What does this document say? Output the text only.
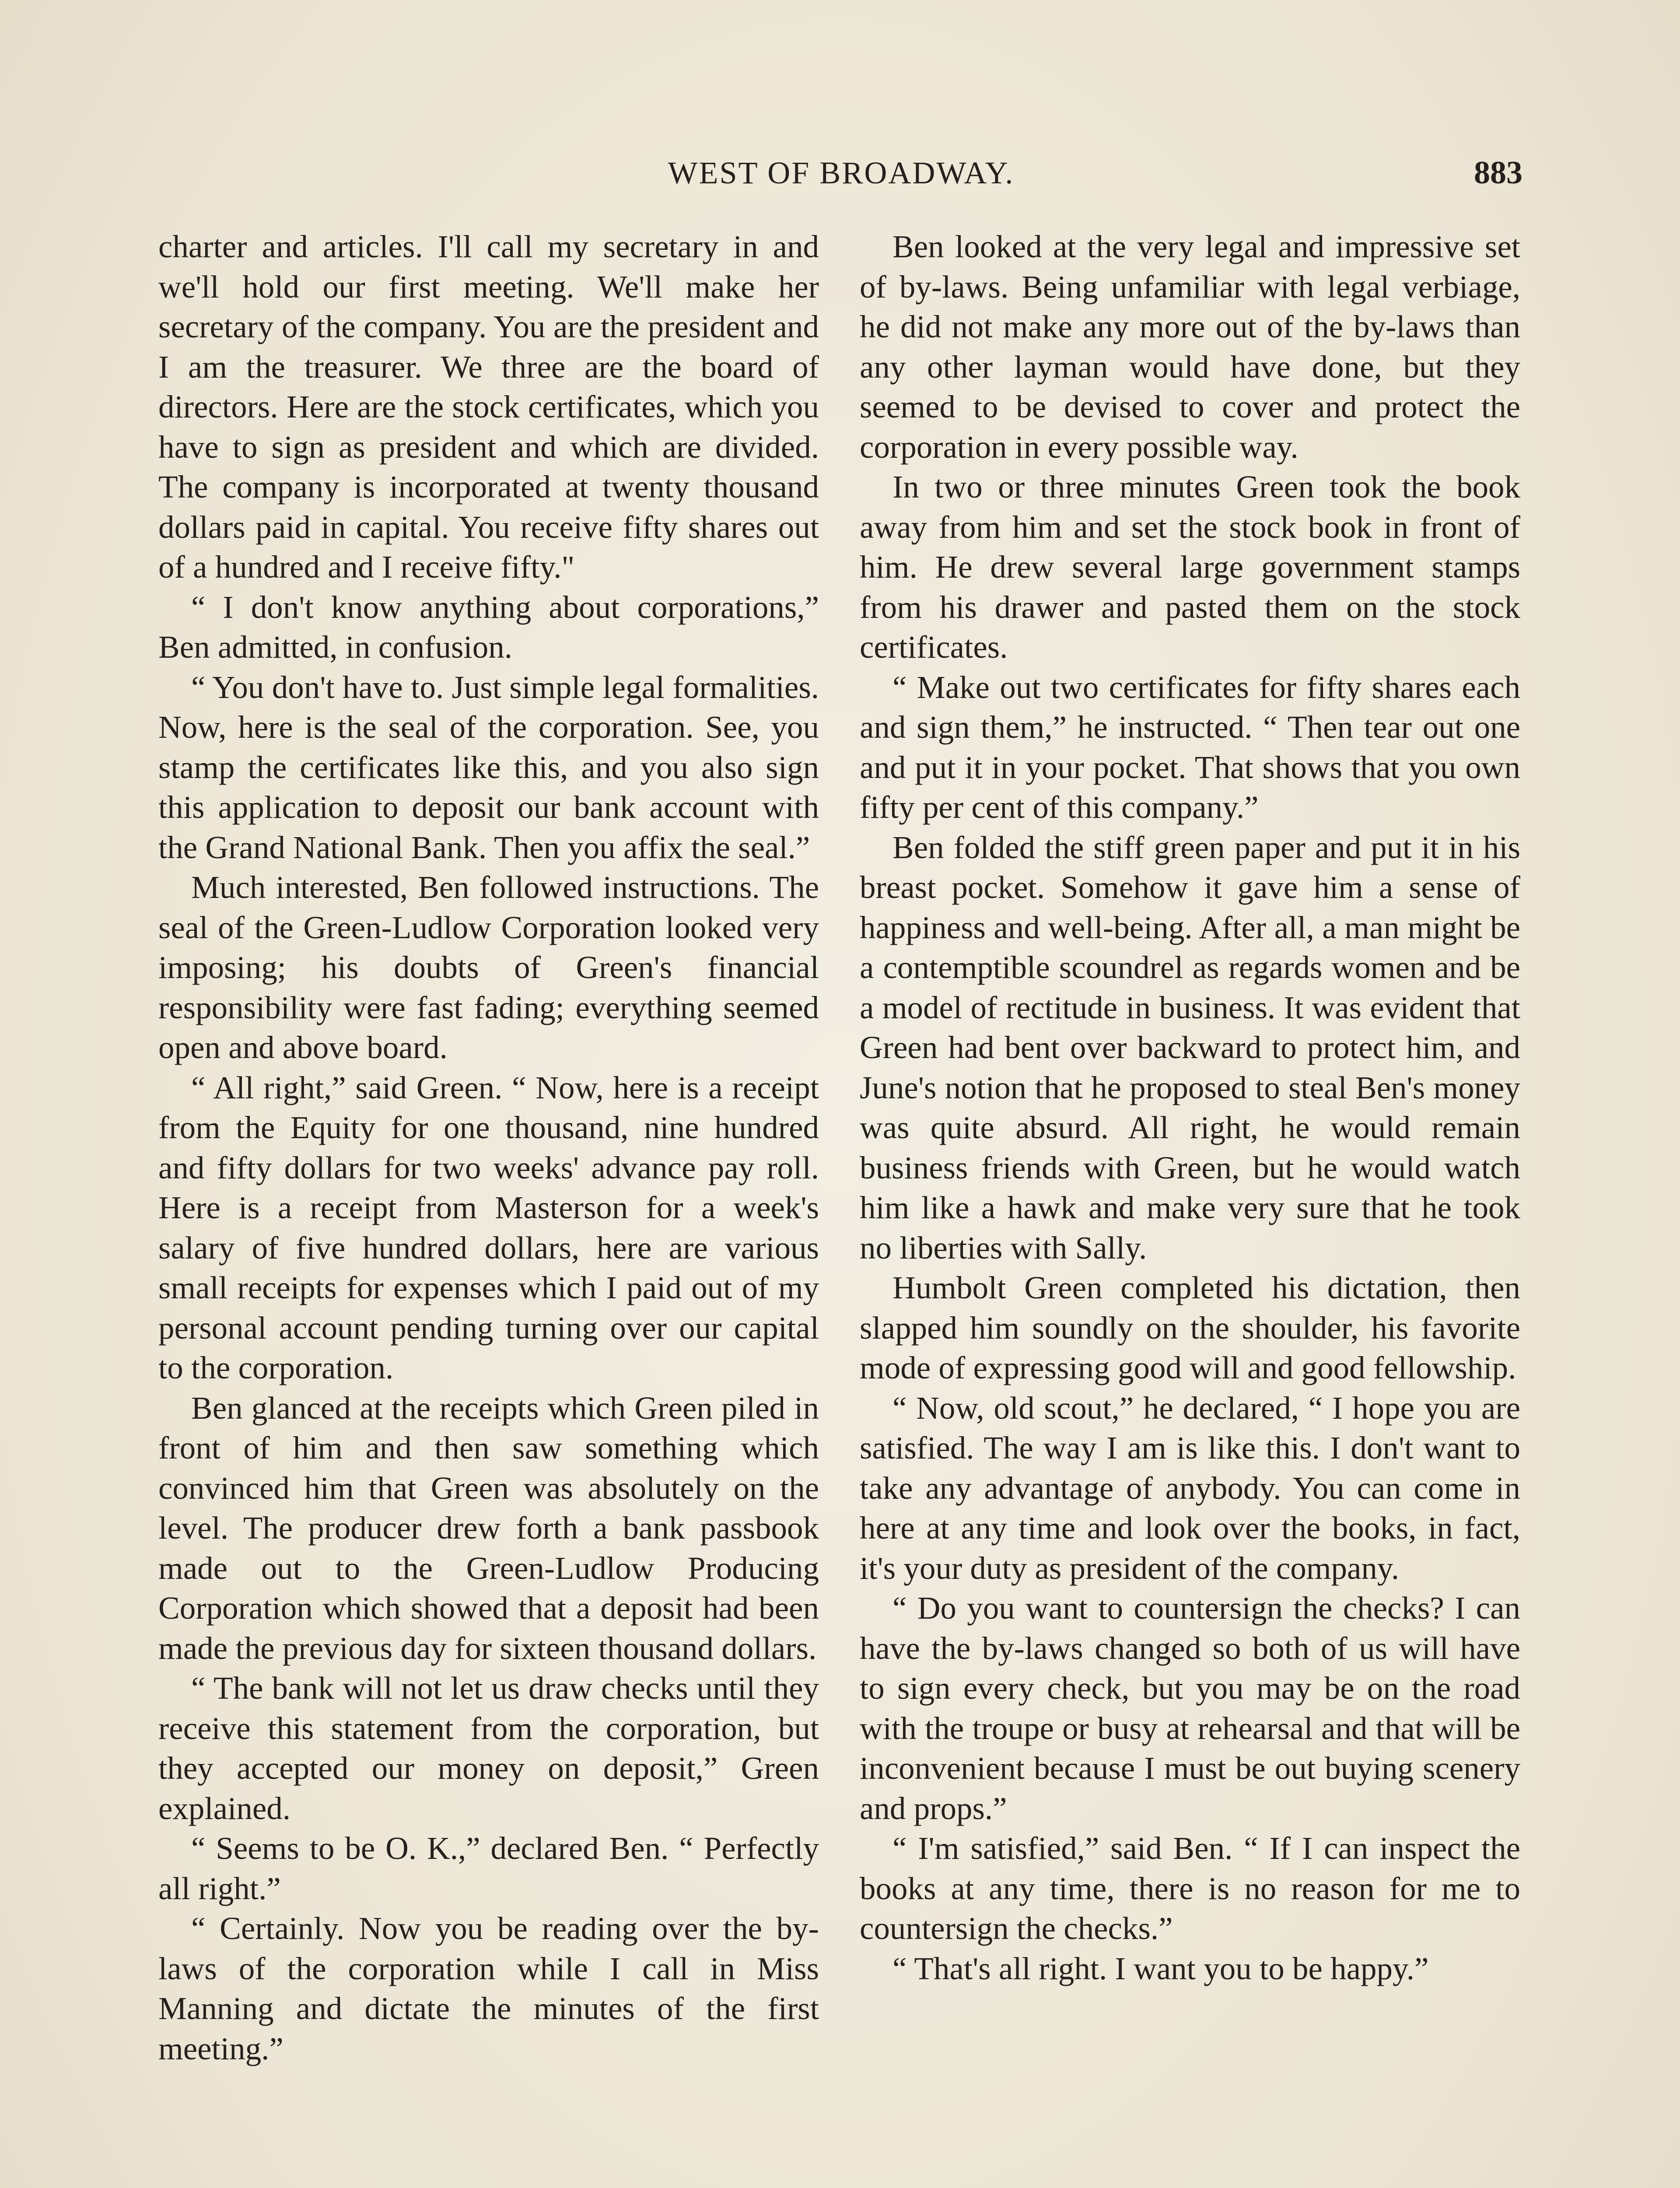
WEST OF BROADWAY.	883

charter and articles. I'll call my secretary in and we'll hold our first meeting. We'll make her secretary of the company. You are the president and I am the treasurer. We three are the board of directors. Here are the stock certificates, which you have to sign as president and which are divided. The company is incorporated at twenty thousand dollars paid in capital. You receive fifty shares out of a hundred and I receive fifty."

“ I don't know anything about corporations,” Ben admitted, in confusion.

“ You don't have to. Just simple legal formalities. Now, here is the seal of the corporation. See, you stamp the certificates like this, and you also sign this application to deposit our bank account with the Grand National Bank. Then you affix the seal.”

Much interested, Ben followed instructions. The seal of the Green-Ludlow Corporation looked very imposing; his doubts of Green's financial responsibility were fast fading; everything seemed open and above board.

“ All right,” said Green. “ Now, here is a receipt from the Equity for one thousand, nine hundred and fifty dollars for two weeks' advance pay roll. Here is a receipt from Masterson for a week's salary of five hundred dollars, here are various small receipts for expenses which I paid out of my personal account pending turning over our capital to the corporation.

Ben glanced at the receipts which Green piled in front of him and then saw something which convinced him that Green was absolutely on the level. The producer drew forth a bank passbook made out to the Green-Ludlow Producing Corporation which showed that a deposit had been made the previous day for sixteen thousand dollars.

“ The bank will not let us draw checks until they receive this statement from the corporation, but they accepted our money on deposit,” Green explained.

“ Seems to be O. K.,” declared Ben. “ Perfectly all right.”

“ Certainly. Now you be reading over the by-laws of the corporation while I call in Miss Manning and dictate the minutes of the first meeting.”

Ben looked at the very legal and impressive set of by-laws. Being unfamiliar with legal verbiage, he did not make any more out of the by-laws than any other layman would have done, but they seemed to be devised to cover and protect the corporation in every possible way.

In two or three minutes Green took the book away from him and set the stock book in front of him. He drew several large government stamps from his drawer and pasted them on the stock certificates.

“ Make out two certificates for fifty shares each and sign them,” he instructed. “ Then tear out one and put it in your pocket. That shows that you own fifty per cent of this company.”

Ben folded the stiff green paper and put it in his breast pocket. Somehow it gave him a sense of happiness and well-being. After all, a man might be a contemptible scoundrel as regards women and be a model of rectitude in business. It was evident that Green had bent over backward to protect him, and June's notion that he proposed to steal Ben's money was quite absurd. All right, he would remain business friends with Green, but he would watch him like a hawk and make very sure that he took no liberties with Sally.

Humbolt Green completed his dictation, then slapped him soundly on the shoulder, his favorite mode of expressing good will and good fellowship.

“ Now, old scout,” he declared, “ I hope you are satisfied. The way I am is like this. I don't want to take any advantage of anybody. You can come in here at any time and look over the books, in fact, it's your duty as president of the company.

“ Do you want to countersign the checks? I can have the by-laws changed so both of us will have to sign every check, but you may be on the road with the troupe or busy at rehearsal and that will be inconvenient because I must be out buying scenery and props.”

“ I'm satisfied,” said Ben. “ If I can inspect the books at any time, there is no reason for me to countersign the checks.”

“ That's all right. I want you to be happy.”
